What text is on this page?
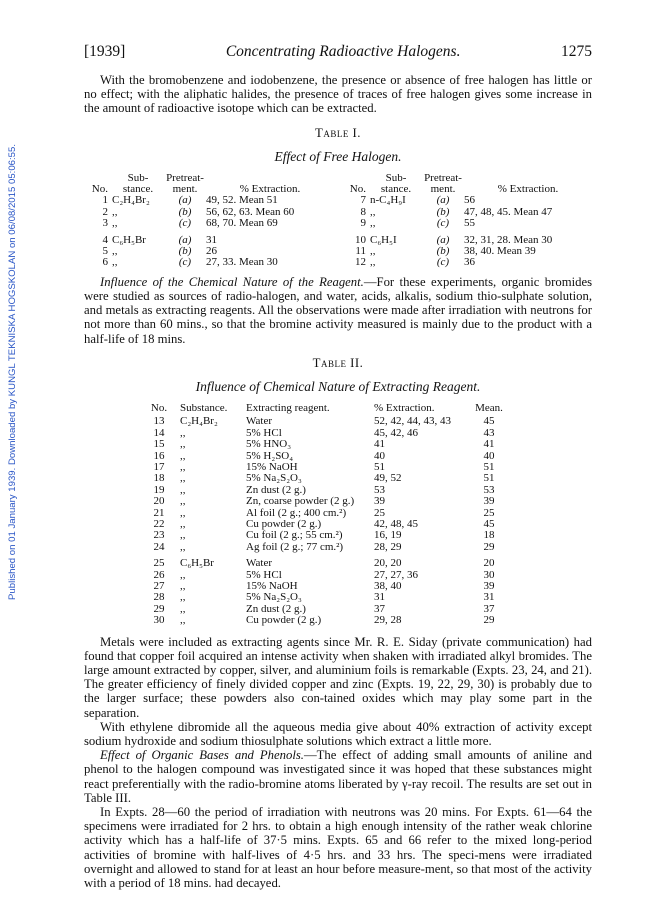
Published on 01 January 1939. Downloaded by KUNGL TEKNISKA HOGSKOLAN on 06/08/2015 05:06:55.
[1939]	Concentrating Radioactive Halogens.	1275

With the bromobenzene and iodobenzene, the presence or absence of free halogen has little or no effect; with the aliphatic halides, the presence of traces of free halogen gives some increase in the amount of radioactive isotope which can be extracted.

Table I.
Effect of Free Halogen.
No.	Sub-
stance.	Pretreat-
ment.	% Extraction.		No.	Sub-
stance.	Pretreat-
ment.	% Extraction.
1	C₂H₄Br₂	(a)	49, 52. Mean 51		7	n-C₄H₉I	(a)	56
2	,,	(b)	56, 62, 63. Mean 60		8	,,	(b)	47, 48, 45. Mean 47
3	,,	(c)	68, 70. Mean 69		9	,,	(c)	55
4	C₆H₅Br	(a)	31		10	C₆H₅I	(a)	32, 31, 28. Mean 30
5	,,	(b)	26		11	,,	(b)	38, 40. Mean 39
6	,,	(c)	27, 33. Mean 30		12	,,	(c)	36

Influence of the Chemical Nature of the Reagent.—For these experiments, organic bromides were studied as sources of radio-halogen, and water, acids, alkalis, sodium thio-sulphate solution, and metals as extracting reagents. All the observations were made after irradiation with neutrons for not more than 60 mins., so that the bromine activity measured is mainly due to the product with a half-life of 18 mins.

Table II.
Influence of Chemical Nature of Extracting Reagent.
No.	Substance.	Extracting reagent.	% Extraction.	Mean.
13	C₂H₄Br₂	Water	52, 42, 44, 43, 43	45
14	,,	5% HCl	45, 42, 46	43
15	,,	5% HNO₃	41	41
16	,,	5% H₂SO₄	40	40
17	,,	15% NaOH	51	51
18	,,	5% Na₂S₂O₃	49, 52	51
19	,,	Zn dust (2 g.)	53	53
20	,,	Zn, coarse powder (2 g.)	39	39
21	,,	Al foil (2 g.; 400 cm.²)	25	25
22	,,	Cu powder (2 g.)	42, 48, 45	45
23	,,	Cu foil (2 g.; 55 cm.²)	16, 19	18
24	,,	Ag foil (2 g.; 77 cm.²)	28, 29	29
25	C₆H₅Br	Water	20, 20	20
26	,,	5% HCl	27, 27, 36	30
27	,,	15% NaOH	38, 40	39
28	,,	5% Na₂S₂O₃	31	31
29	,,	Zn dust (2 g.)	37	37
30	,,	Cu powder (2 g.)	29, 28	29

Metals were included as extracting agents since Mr. R. E. Siday (private communication) had found that copper foil acquired an intense activity when shaken with irradiated alkyl bromides. The large amount extracted by copper, silver, and aluminium foils is remarkable (Expts. 23, 24, and 21). The greater efficiency of finely divided copper and zinc (Expts. 19, 22, 29, 30) is probably due to the larger surface; these powders also con-tained oxides which may play some part in the separation.

With ethylene dibromide all the aqueous media give about 40% extraction of activity except sodium hydroxide and sodium thiosulphate solutions which extract a little more.

Effect of Organic Bases and Phenols.—The effect of adding small amounts of aniline and phenol to the halogen compound was investigated since it was hoped that these substances might react preferentially with the radio-bromine atoms liberated by γ-ray recoil. The results are set out in Table III.

In Expts. 28—60 the period of irradiation with neutrons was 20 mins. For Expts. 61—64 the specimens were irradiated for 2 hrs. to obtain a high enough intensity of the rather weak chlorine activity which has a half-life of 37·5 mins. Expts. 65 and 66 refer to the mixed long-period activities of bromine with half-lives of 4·5 hrs. and 33 hrs. The speci-mens were irradiated overnight and allowed to stand for at least an hour before measure-ment, so that most of the activity with a period of 18 mins. had decayed.
